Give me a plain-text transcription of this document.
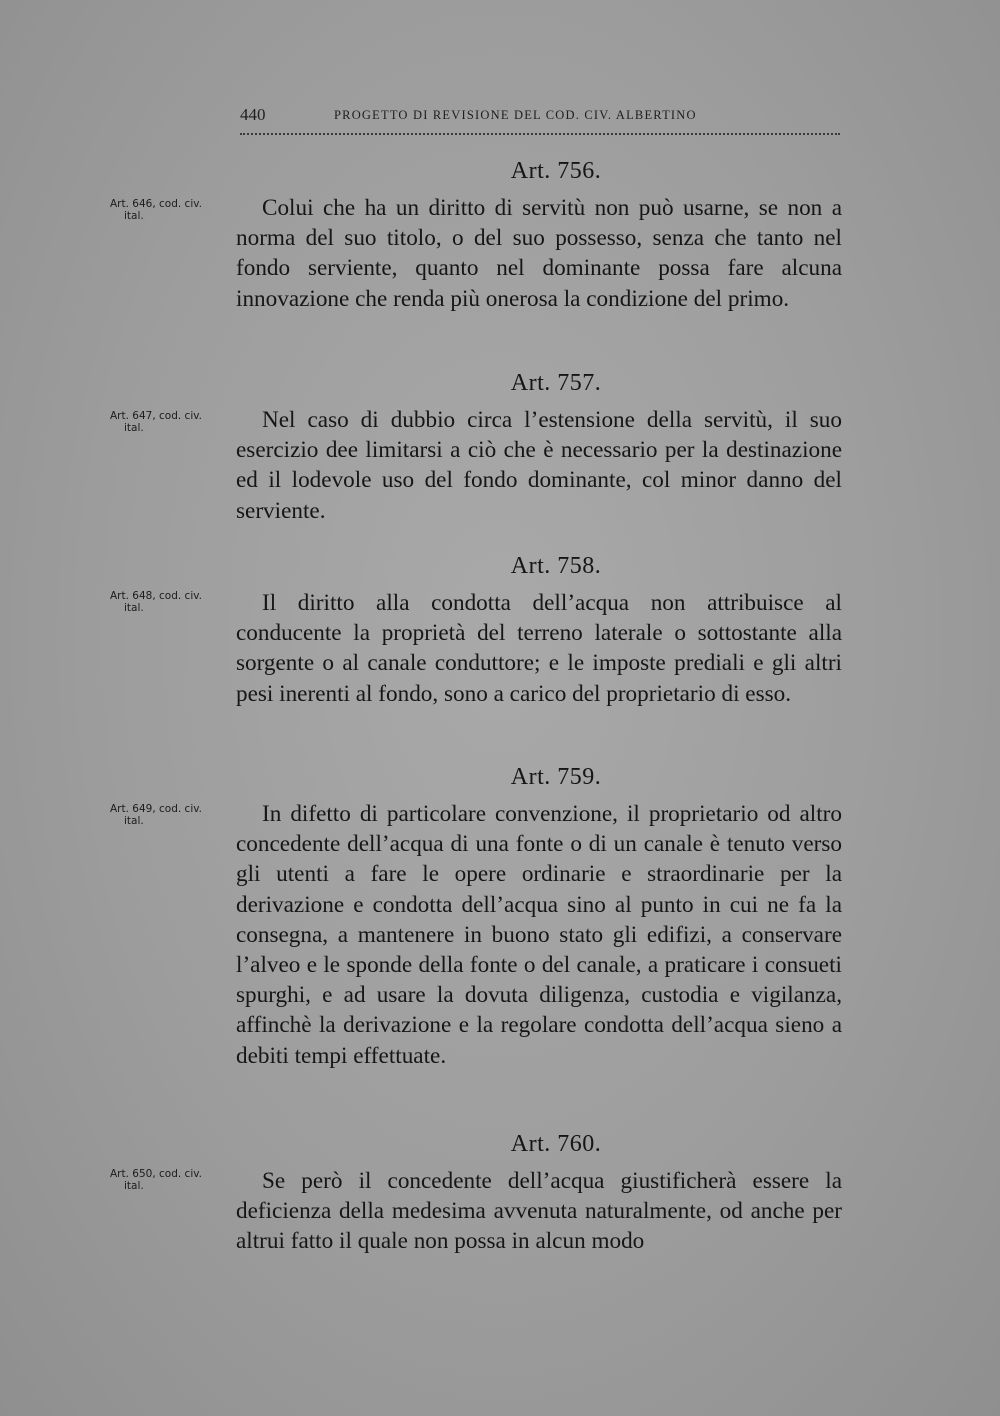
440	PROGETTO DI REVISIONE DEL COD. CIV. ALBERTINO
Art. 646, cod. civ.
ital.
Art. 756.

Colui che ha un diritto di servitù non può usarne, se non a norma del suo titolo, o del suo possesso, senza che tanto nel fondo serviente, quanto nel dominante possa fare alcuna innovazione che renda più onerosa la condizione del primo.

Art. 647, cod. civ.
ital.
Art. 757.

Nel caso di dubbio circa l’estensione della servitù, il suo esercizio dee limitarsi a ciò che è necessario per la destinazione ed il lodevole uso del fondo dominante, col minor danno del serviente.

Art. 648, cod. civ.
ital.
Art. 758.

Il diritto alla condotta dell’acqua non attribuisce al conducente la proprietà del terreno laterale o sottostante alla sorgente o al canale conduttore; e le imposte prediali e gli altri pesi inerenti al fondo, sono a carico del proprietario di esso.

Art. 649, cod. civ.
ital.
Art. 759.

In difetto di particolare convenzione, il proprietario od altro concedente dell’acqua di una fonte o di un canale è tenuto verso gli utenti a fare le opere ordinarie e straordinarie per la derivazione e condotta dell’acqua sino al punto in cui ne fa la consegna, a mantenere in buono stato gli edifizi, a conservare l’alveo e le sponde della fonte o del canale, a praticare i consueti spurghi, e ad usare la dovuta diligenza, custodia e vigilanza, affinchè la derivazione e la regolare condotta dell’acqua sieno a debiti tempi effettuate.

Art. 650, cod. civ.
ital.
Art. 760.

Se però il concedente dell’acqua giustificherà essere la deficienza della medesima avvenuta naturalmente, od anche per altrui fatto il quale non possa in alcun modo
